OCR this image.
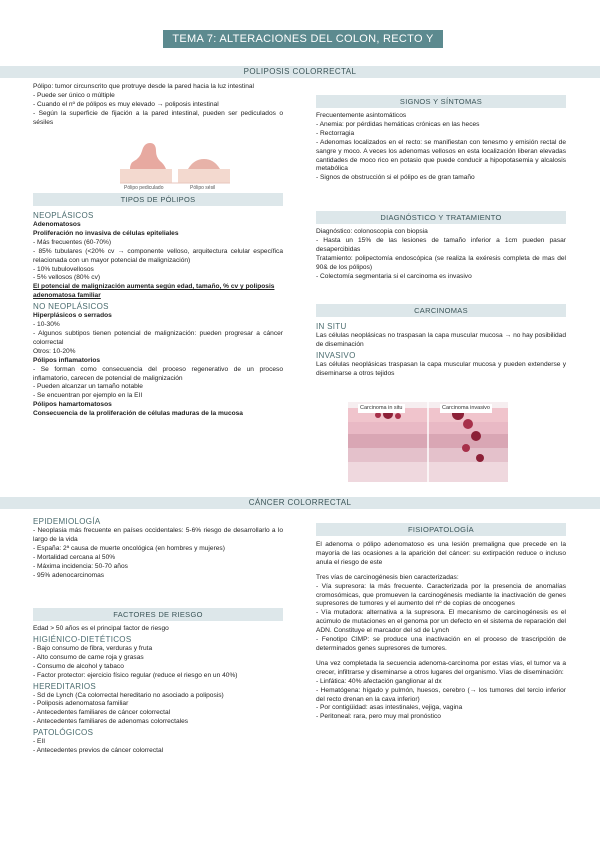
TEMA 7: ALTERACIONES DEL COLON, RECTO Y ANO
POLIPOSIS COLORRECTAL

Pólipo: tumor circunscrito que protruye desde la pared hacia la luz intestinal

- Puede ser único o múltiple

- Cuando el nº de pólipos es muy elevado → poliposis intestinal

- Según la superficie de fijación a la pared intestinal, pueden ser pediculados o sésiles

Pólipo pediculado	Pólipo sésil
TIPOS DE PÓLIPOS

NEOPLÁSICOS

Adenomatosos

Proliferación no invasiva de células epiteliales

- Más frecuentes (60-70%)

- 85% tubulares (<20% cv → componente velloso, arquitectura celular específica relacionada con un mayor potencial de malignización)

- 10% tubulovellosos

- 5% vellosos (80% cv)

El potencial de malignización aumenta según edad, tamaño, % cv y poliposis adenomatosa familiar

NO NEOPLÁSICOS

Hiperplásicos o serrados

- 10-30%

- Algunos subtipos tienen potencial de malignización: pueden progresar a cáncer colorrectal

Otros: 10-20%

Pólipos inflamatorios

- Se forman como consecuencia del proceso regenerativo de un proceso inflamatorio, carecen de potencial de malignización

- Pueden alcanzar un tamaño notable

- Se encuentran por ejemplo en la EII

Pólipos hamartomatosos

Consecuencia de la proliferación de células maduras de la mucosa

SIGNOS Y SÍNTOMAS

Frecuentemente asintomáticos

- Anemia: por pérdidas hemáticas crónicas en las heces

- Rectorragia

- Adenomas localizados en el recto: se manifiestan con tenesmo y emisión rectal de sangre y moco. A veces los adenomas vellosos en esta localización liberan elevadas cantidades de moco rico en potasio que puede conducir a hipopotasemia y alcalosis metabólica

- Signos de obstrucción si el pólipo es de gran tamaño

DIAGNÓSTICO Y TRATAMIENTO

Diagnóstico: colonoscopia con biopsia

- Hasta un 15% de las lesiones de tamaño inferior a 1cm pueden pasar desapercibidas

Tratamiento: polipectomía endoscópica (se realiza la exéresis completa de mas del 90& de los pólipos)

- Colectomía segmentaria si el carcinoma es invasivo

CARCINOMAS

IN SITU

Las células neoplásicas no traspasan la capa muscular mucosa → no hay posibilidad de diseminación

INVASIVO

Las células neoplásicas traspasan la capa muscular mucosa y pueden extenderse y diseminarse a otros tejidos

Carcinoma in situ	Carcinoma invasivo
CÁNCER COLORRECTAL

EPIDEMIOLOGÍA

- Neoplasia más frecuente en países occidentales: 5-6% riesgo de desarrollarlo a lo largo de la vida

- España: 2ª causa de muerte oncológica (en hombres y mujeres)

- Mortalidad cercana al 50%

- Máxima incidencia: 50-70 años

- 95% adenocarcinomas

FACTORES DE RIESGO

Edad > 50 años es el principal factor de riesgo

HIGIÉNICO-DIETÉTICOS

- Bajo consumo de fibra, verduras y fruta

- Alto consumo de carne roja y grasas

- Consumo de alcohol y tabaco

- Factor protector: ejercicio físico regular (reduce el riesgo en un 40%)

HEREDITARIOS

- Sd de Lynch (Ca colorrectal hereditario no asociado a poliposis)

- Poliposis adenomatosa familiar

- Antecedentes familiares de cáncer colorrectal

- Antecedentes familiares de adenomas colorrectales

PATOLÓGICOS

- EII

- Antecedentes previos de cáncer colorrectal

FISIOPATOLOGÍA

El adenoma o pólipo adenomatoso es una lesión premaligna que precede en la mayoría de las ocasiones a la aparición del cáncer: su extirpación reduce o incluso anula el riesgo de este

Tres vías de carcinogénesis bien caracterizadas:

- Vía supresora: la más frecuente. Caracterizada por la presencia de anomalías cromosómicas, que promueven la carcinogénesis mediante la inactivación de genes supresores de tumores y el aumento del nº de copias de oncogenes

- Vía mutadora: alternativa a la supresora. El mecanismo de carcinogénesis es el acúmulo de mutaciones en el genoma por un defecto en el sistema de reparación del ADN. Constituye el marcador del sd de Lynch

- Fenotipo CIMP: se produce una inactivación en el proceso de trascripción de determinados genes supresores de tumores.

Una vez completada la secuencia adenoma-carcinoma por estas vías, el tumor va a crecer, infiltrarse y diseminarse a otros lugares del organismo. Vías de diseminación:

- Linfática: 40% afectación ganglionar al dx

- Hematógena: hígado y pulmón, huesos, cerebro (→ los tumores del tercio inferior del recto drenan en la cava inferior)

- Por contigüidad: asas intestinales, vejiga, vagina

- Peritoneal: rara, pero muy mal pronóstico
